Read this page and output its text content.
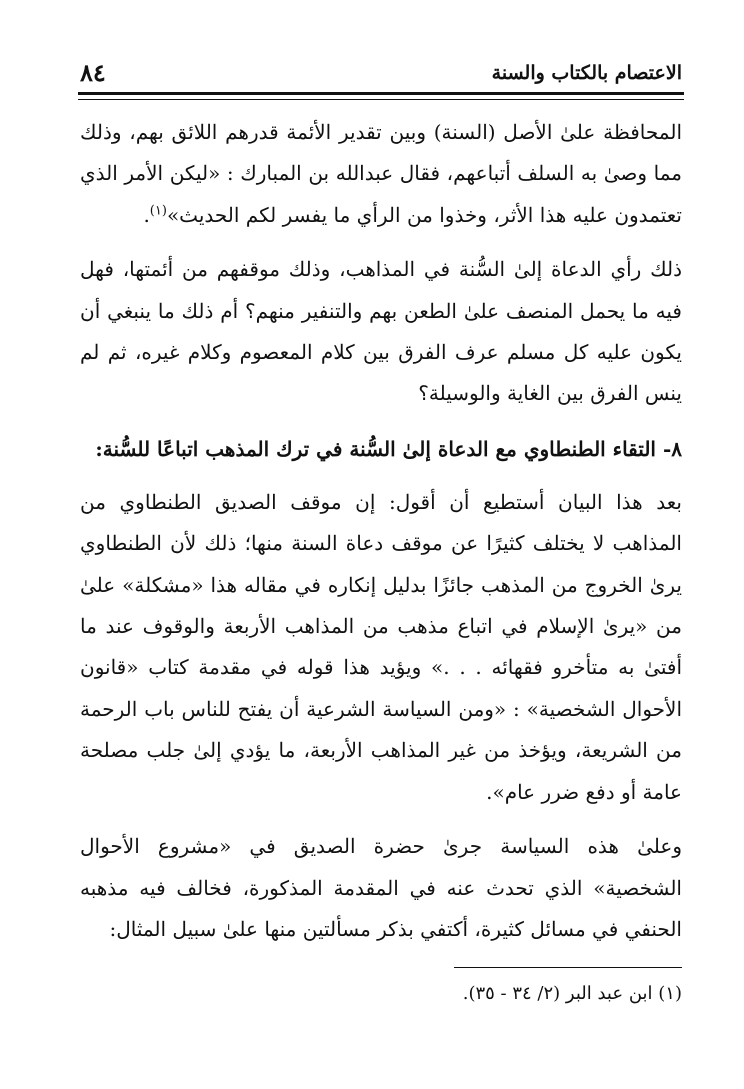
الاعتصام بالكتاب والسنة
٨٤

المحافظة علىٰ الأصل (السنة) وبين تقدير الأئمة قدرهم اللائق بهم، وذلك مما وصىٰ به السلف أتباعهم، فقال عبدالله بن المبارك : «ليكن الأمر الذي تعتمدون عليه هذا الأثر، وخذوا من الرأي ما يفسر لكم الحديث»$^{(١)}$.

ذلك رأي الدعاة إلىٰ السُّنة في المذاهب، وذلك موقفهم من أئمتها، فهل فيه ما يحمل المنصف علىٰ الطعن بهم والتنفير منهم؟ أم ذلك ما ينبغي أن يكون عليه كل مسلم عرف الفرق بين كلام المعصوم وكلام غيره، ثم لم ينس الفرق بين الغاية والوسيلة؟

٨- التقاء الطنطاوي مع الدعاة إلىٰ السُّنة في ترك المذهب اتباعًا للسُّنة:

بعد هذا البيان أستطيع أن أقول: إن موقف الصديق الطنطاوي من المذاهب لا يختلف كثيرًا عن موقف دعاة السنة منها؛ ذلك لأن الطنطاوي يرىٰ الخروج من المذهب جائزًا بدليل إنكاره في مقاله هذا «مشكلة» علىٰ من «يرىٰ الإسلام في اتباع مذهب من المذاهب الأربعة والوقوف عند ما أفتىٰ به متأخرو فقهائه . . .» ويؤيد هذا قوله في مقدمة كتاب «قانون الأحوال الشخصية» : «ومن السياسة الشرعية أن يفتح للناس باب الرحمة من الشريعة، ويؤخذ من غير المذاهب الأربعة، ما يؤدي إلىٰ جلب مصلحة عامة أو دفع ضرر عام».

وعلىٰ هذه السياسة جرىٰ حضرة الصديق في «مشروع الأحوال الشخصية» الذي تحدث عنه في المقدمة المذكورة، فخالف فيه مذهبه الحنفي في مسائل كثيرة، أكتفي بذكر مسألتين منها علىٰ سبيل المثال:

(١) ابن عبد البر (٢/ ٣٤ - ٣٥).
